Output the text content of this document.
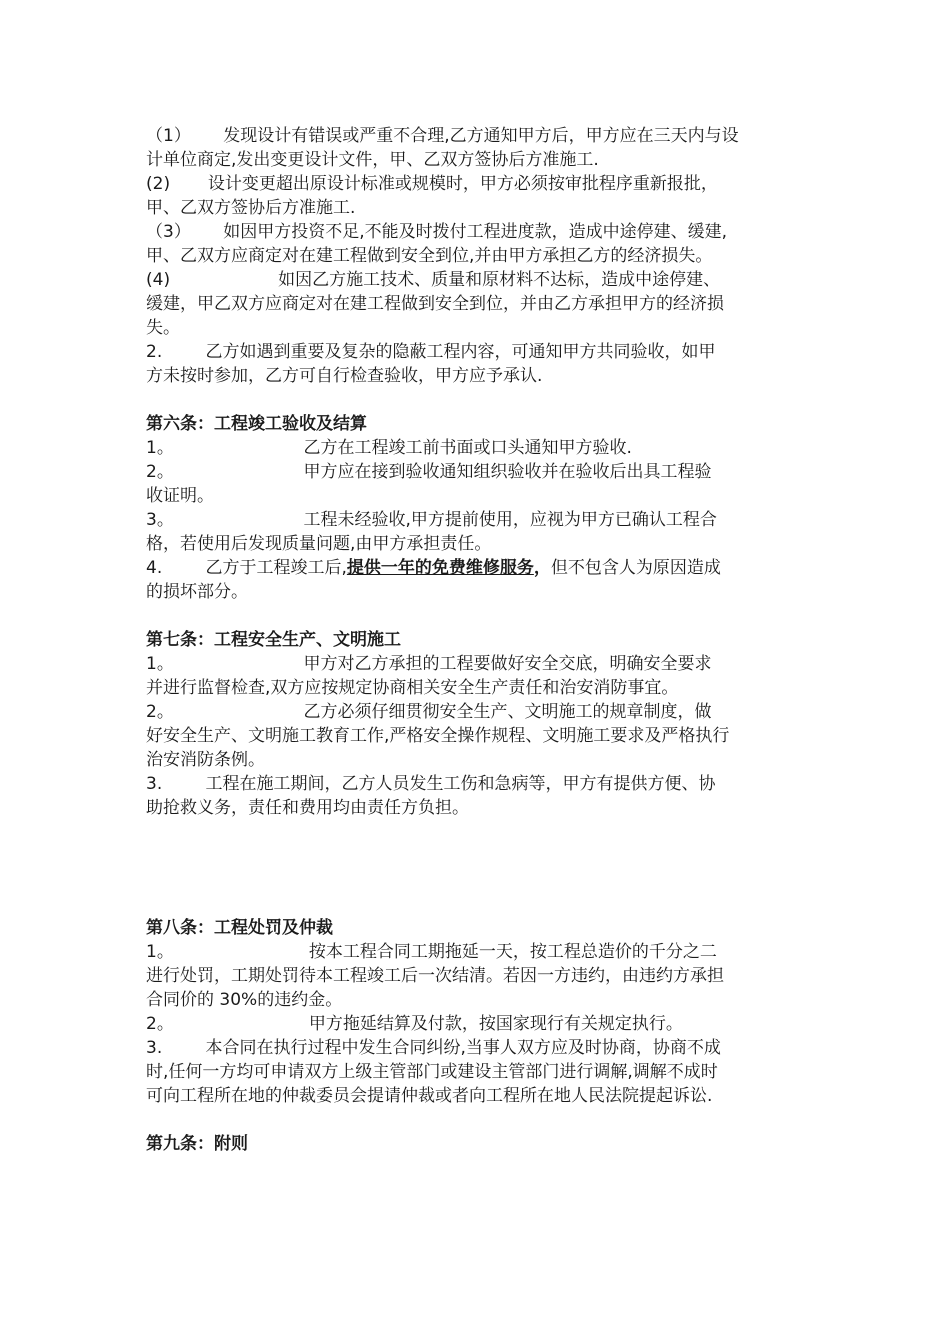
（1）      发现设计有错误或严重不合理,乙方通知甲方后，甲方应在三天内与设
计单位商定,发出变更设计文件，甲、乙双方签协后方准施工.
(2)       设计变更超出原设计标准或规模时，甲方必须按审批程序重新报批，
甲、乙双方签协后方准施工.
（3）      如因甲方投资不足,不能及时拨付工程进度款，造成中途停建、缓建,
甲、乙双方应商定对在建工程做到安全到位,并由甲方承担乙方的经济损失。
(4)                    如因乙方施工技术、质量和原材料不达标，造成中途停建、
缓建，甲乙双方应商定对在建工程做到安全到位，并由乙方承担甲方的经济损
失。
2.        乙方如遇到重要及复杂的隐蔽工程内容，可通知甲方共同验收，如甲
方未按时参加，乙方可自行检查验收，甲方应予承认.
第六条：工程竣工验收及结算
1。                        乙方在工程竣工前书面或口头通知甲方验收.
2。                        甲方应在接到验收通知组织验收并在验收后出具工程验
收证明。
3。                        工程未经验收,甲方提前使用，应视为甲方已确认工程合
格，若使用后发现质量问题,由甲方承担责任。
4.        乙方于工程竣工后,提供一年的免费维修服务，但不包含人为原因造成
的损坏部分。
第七条：工程安全生产、文明施工
1。                        甲方对乙方承担的工程要做好安全交底，明确安全要求
并进行监督检查,双方应按规定协商相关安全生产责任和治安消防事宜。
2。                        乙方必须仔细贯彻安全生产、文明施工的规章制度，做
好安全生产、文明施工教育工作,严格安全操作规程、文明施工要求及严格执行
治安消防条例。
3.        工程在施工期间，乙方人员发生工伤和急病等，甲方有提供方便、协
助抢救义务，责任和费用均由责任方负担。
第八条：工程处罚及仲裁
1。                         按本工程合同工期拖延一天，按工程总造价的千分之二
进行处罚，工期处罚待本工程竣工后一次结清。若因一方违约，由违约方承担
合同价的 30%的违约金。
2。                         甲方拖延结算及付款，按国家现行有关规定执行。
3.        本合同在执行过程中发生合同纠纷,当事人双方应及时协商，协商不成
时,任何一方均可申请双方上级主管部门或建设主管部门进行调解,调解不成时
可向工程所在地的仲裁委员会提请仲裁或者向工程所在地人民法院提起诉讼.
第九条：附则
